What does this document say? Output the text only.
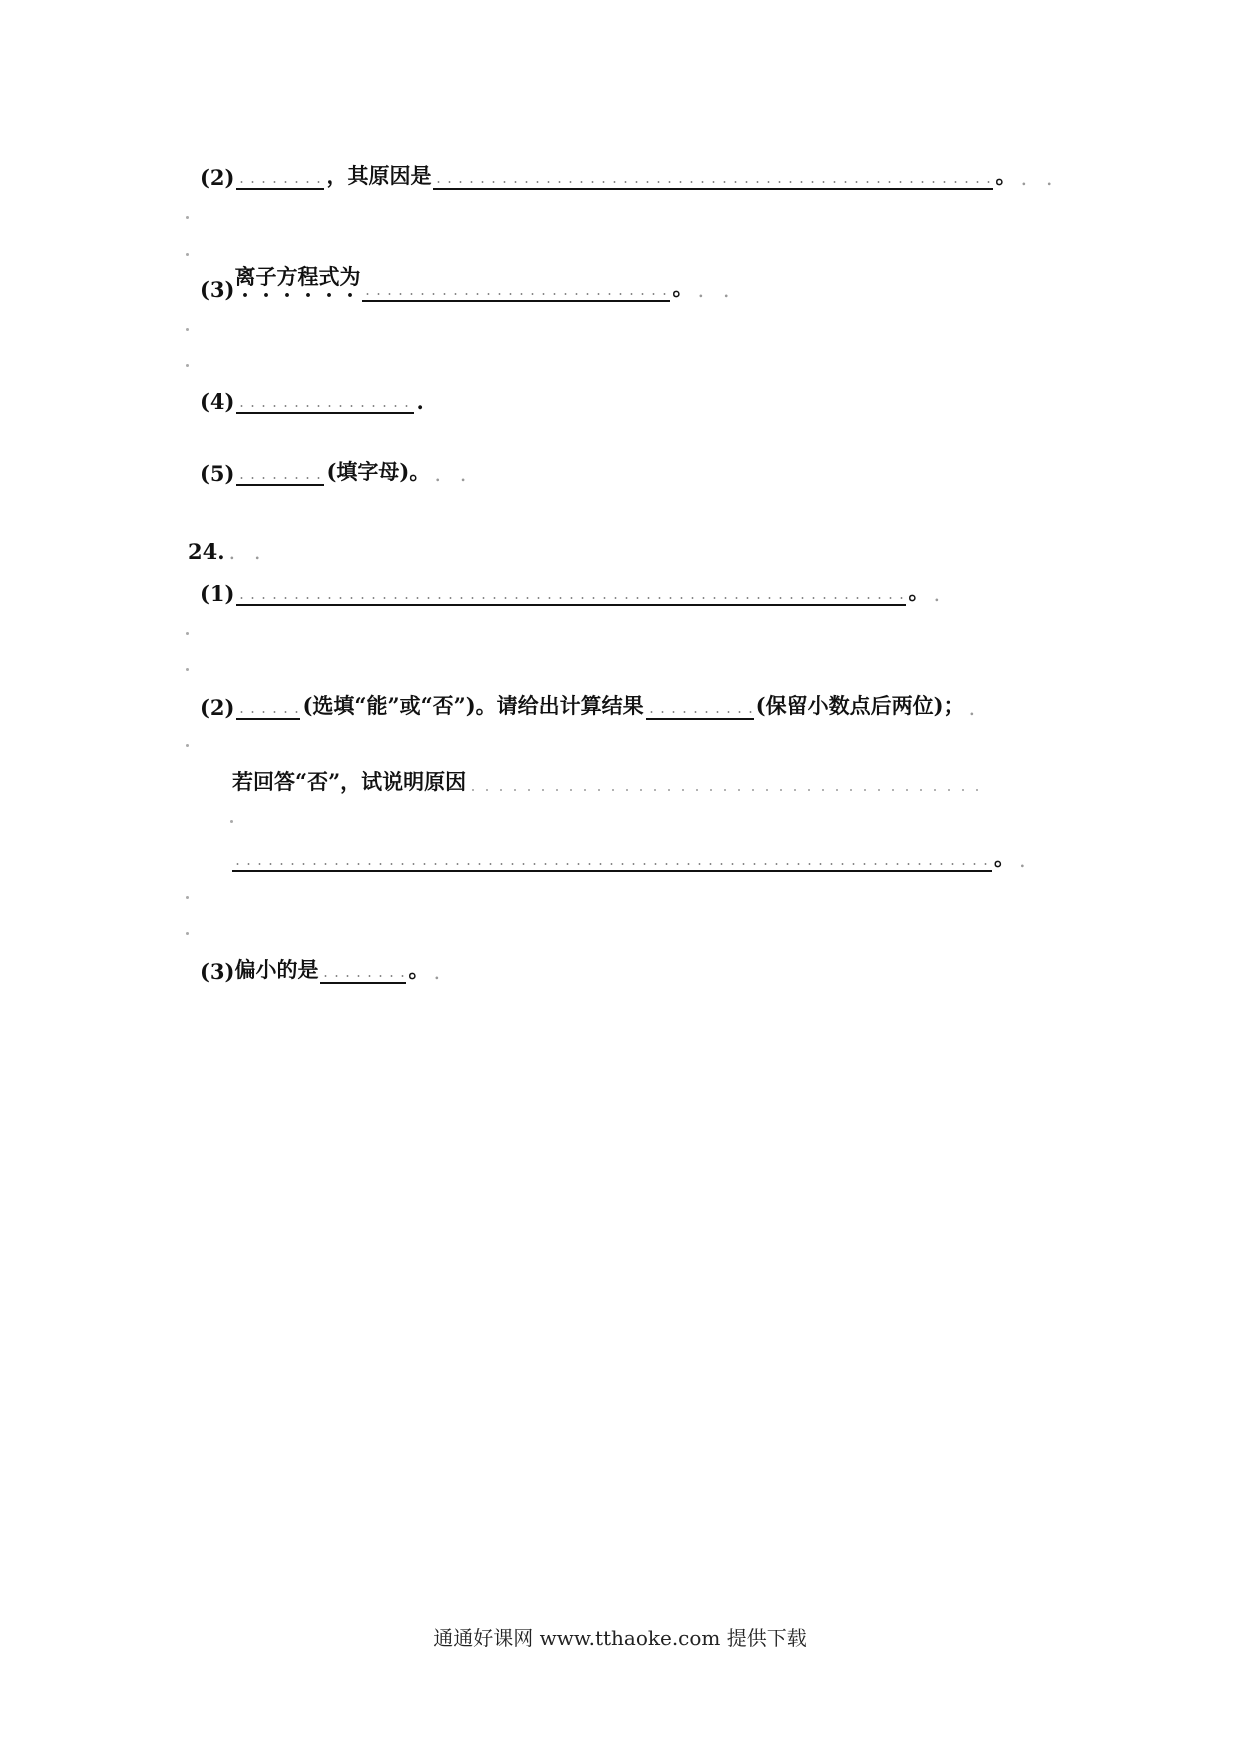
(2)	，其原因是	。 . .
(3)
离子方程式为	。 . .
(4)	.
(5)	(填字母)。 . .
24. . .
(1)	。 .
(2)	(选填“能”或“否”)。请给出计算结果	(保留小数点后两位)； .
若回答“否”，试说明原因
。 .
(3) 偏小的是	。 .
通通好课网 www.tthaoke.com 提供下载
